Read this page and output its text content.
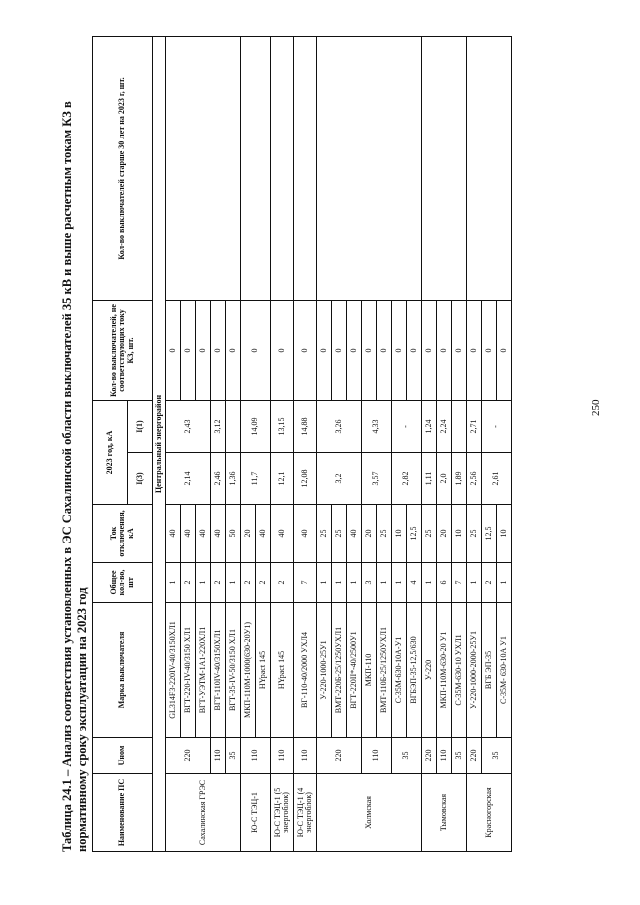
Таблица 24.1 – Анализ соответствия установленных в ЭС Сахалинской области выключателей 35 кВ и выше расчетным токам КЗ в нормативному сроку эксплуатации на 2023 год	Наименование ПС	Uном	Марка выключателя	Общее кол-во, шт	Ток отключения, кА	2023 год, кА		Кол-во выключателей, не соответствующих току КЗ, шт.	Кол-во выключателей старше 30 лет на 2023 г, шт.
					I(3)	I(1)		
Центральный энергорайон								
Сахалинская ГРЭС	220	GL314F3-220IV-40/3150ХЛ1	1	40	2,14	2,43	0	
		ВГТ-220-IV-40/3150 ХЛ1	2	40			0	
		ВГТ-УЭТМ-1А1-220ХЛ1	1	40			0	
	110	ВГТ-110IV-40/3150ХЛ1	2	40	2,46	3,12	0	
	35	ВГТ-35-IV-50/3150 ХЛ1	1	50	1,36		0	
Ю-С ТЭЦ-1	110	МКП-110М-1000(630-20У1)	2	20	11,7	14,09	0	
		HYpact 145	2	40				
Ю-С ТЭЦ-1 (5 энергоблок)	110	HYpact 145	2	40	12,1	13,15	0	
Ю-С ТЭЦ-1 (4 энергоблок)	110	ВГ-110-40/2000 УХЛ4	7	40	12,08	14,88	0	
Холмская	220	У-220-1000-25У1	1	25	3,2	3,26	0	
		ВМТ-220Б-25/1250УХЛ1	1	25			0	
		ВГТ-220II*-40/2500У1	1	40			0	
	110	МКП-110	3	20	3,57	4,33	0	
		ВМТ-110Б-25/1250УХЛ1	1	25			0	
	35	С-35М-630-10А-У1	1	10	2,82	-	0	
		ВГБЭП-35-12,5/630	4	12,5			0	
Тымовская	220	У-220	1	25	1,11	1,24	0	
	110	МКП-110М-630-20 У1	6	20	2,0	2,24	0	
	35	С-35М-630-10 УХЛ1	7	10	1,89		0	
Красногорская	220	У-220-1000-2000-25У1	1	25	2,56	2,71	0	
	35	ВГБ ЭП-35	2	12,5	2,61	-	0	
		С-35М- 630-10А У1	1	10			0	
250
